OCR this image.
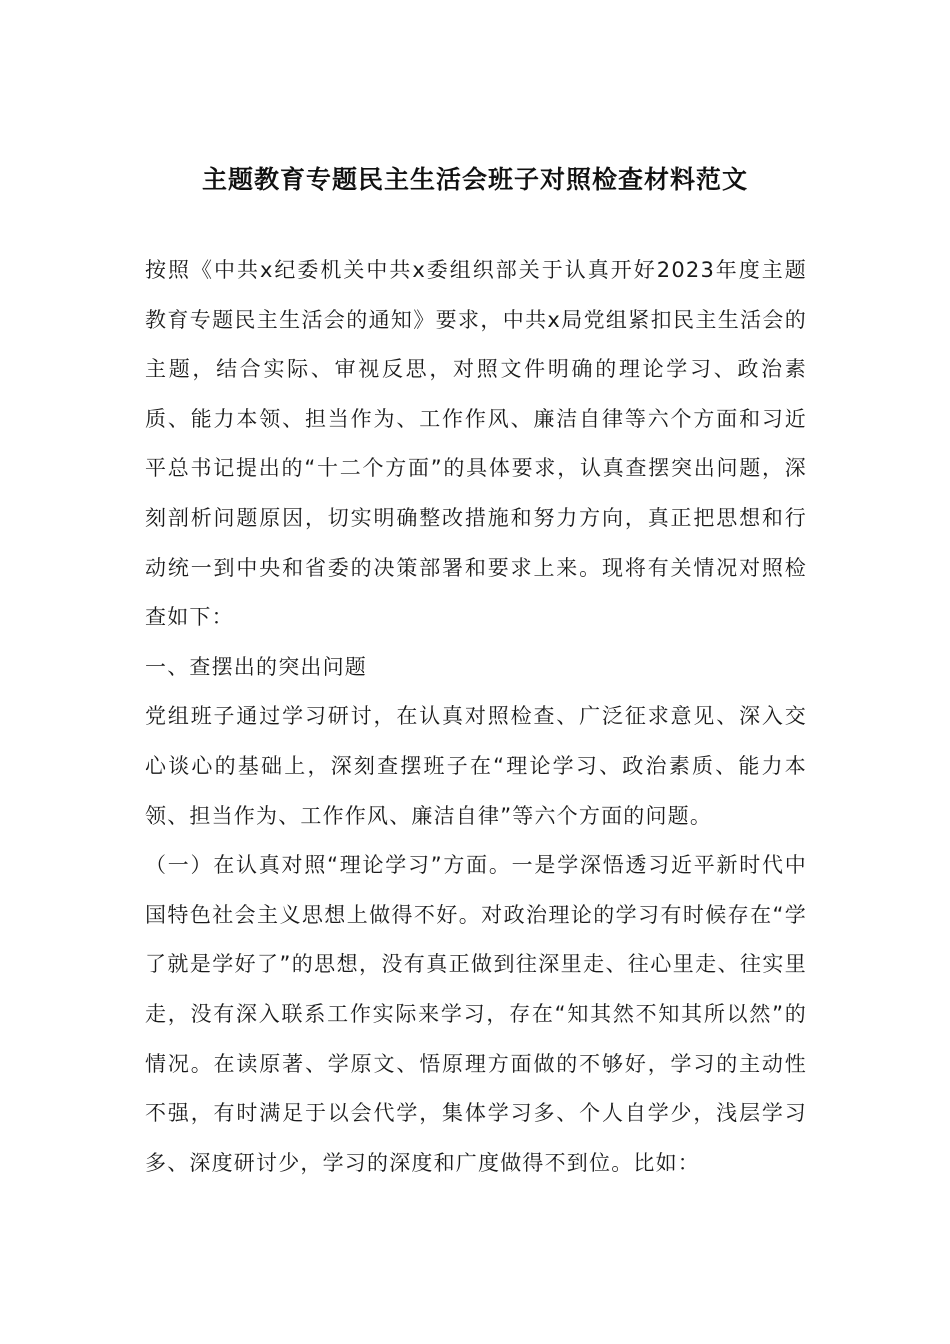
主题教育专题民主生活会班子对照检查材料范文

按照《中共x纪委机关中共x委组织部关于认真开好2023年度主题教育专题民主生活会的通知》要求，中共x局党组紧扣民主生活会的主题，结合实际、审视反思，对照文件明确的理论学习、政治素质、能力本领、担当作为、工作作风、廉洁自律等六个方面和习近平总书记提出的“十二个方面”的具体要求，认真查摆突出问题，深刻剖析问题原因，切实明确整改措施和努力方向，真正把思想和行动统一到中央和省委的决策部署和要求上来。现将有关情况对照检查如下：

一、查摆出的突出问题

党组班子通过学习研讨，在认真对照检查、广泛征求意见、深入交心谈心的基础上，深刻查摆班子在“理论学习、政治素质、能力本领、担当作为、工作作风、廉洁自律”等六个方面的问题。

（一）在认真对照“理论学习”方面。一是学深悟透习近平新时代中国特色社会主义思想上做得不好。对政治理论的学习有时候存在“学了就是学好了”的思想，没有真正做到往深里走、往心里走、往实里走，没有深入联系工作实际来学习，存在“知其然不知其所以然”的情况。在读原著、学原文、悟原理方面做的不够好，学习的主动性不强，有时满足于以会代学，集体学习多、个人自学少，浅层学习多、深度研讨少，学习的深度和广度做得不到位。比如：
